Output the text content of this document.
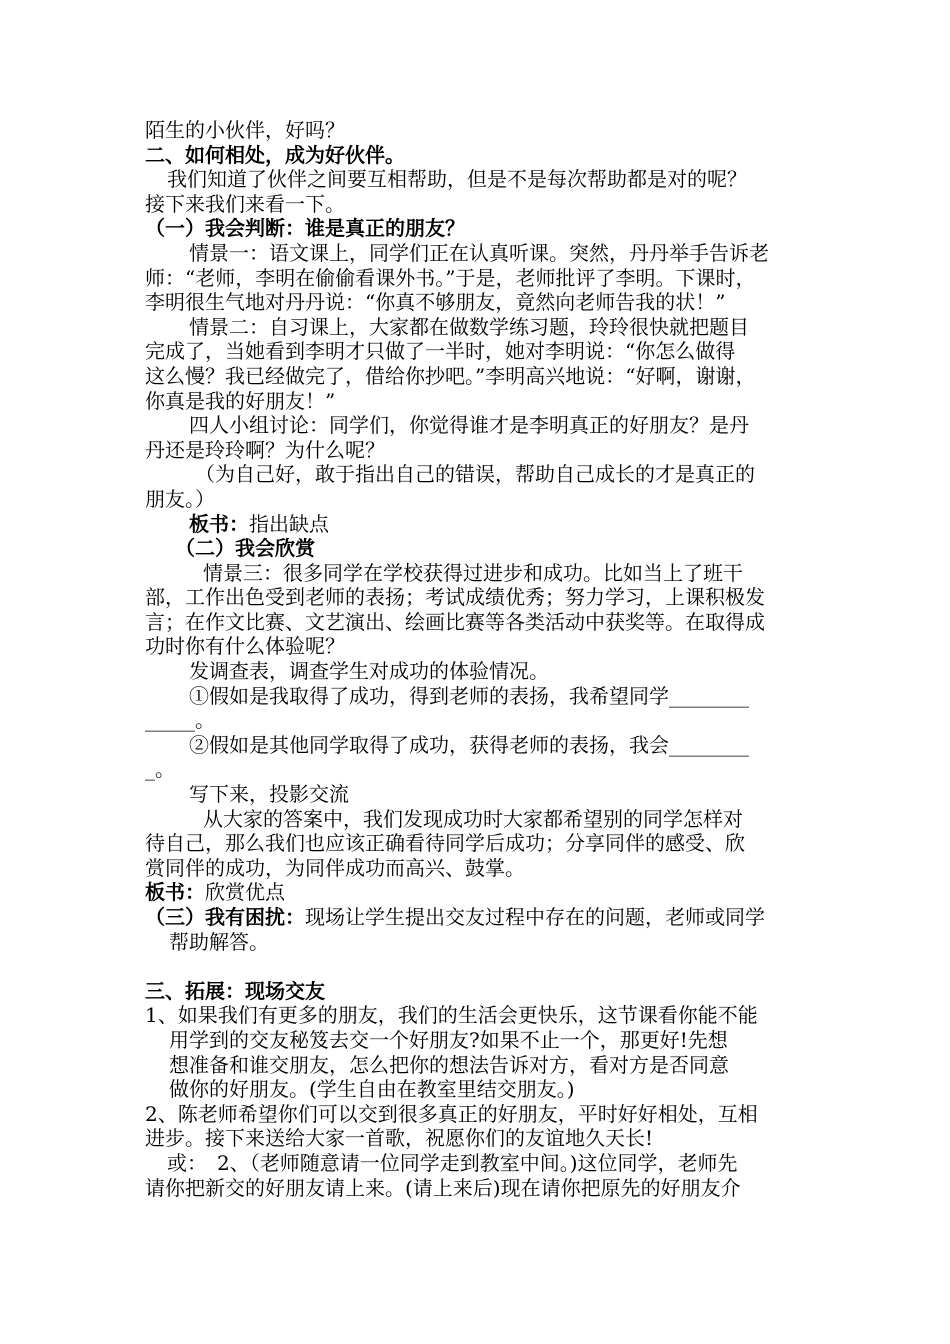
陌生的小伙伴，好吗？
二、如何相处，成为好伙伴。
我们知道了伙伴之间要互相帮助，但是不是每次帮助都是对的呢？
接下来我们来看一下。
（一）我会判断：谁是真正的朋友？
情景一：语文课上，同学们正在认真听课。突然，丹丹举手告诉老
师：“老师，李明在偷偷看课外书。”于是，老师批评了李明。下课时，
李明很生气地对丹丹说：“你真不够朋友，竟然向老师告我的状！”
情景二：自习课上，大家都在做数学练习题，玲玲很快就把题目
完成了，当她看到李明才只做了一半时，她对李明说：“你怎么做得
这么慢？我已经做完了，借给你抄吧。”李明高兴地说：“好啊，谢谢，
你真是我的好朋友！”
四人小组讨论：同学们，你觉得谁才是李明真正的好朋友？是丹
丹还是玲玲啊？为什么呢？
（为自己好，敢于指出自己的错误，帮助自己成长的才是真正的
朋友。）
板书：指出缺点
（二）我会欣赏
情景三：很多同学在学校获得过进步和成功。比如当上了班干
部，工作出色受到老师的表扬；考试成绩优秀；努力学习，上课积极发
言；在作文比赛、文艺演出、绘画比赛等各类活动中获奖等。在取得成
功时你有什么体验呢？
发调查表，调查学生对成功的体验情况。
①假如是我取得了成功，得到老师的表扬，我希望同学________
_____。
②假如是其他同学取得了成功，获得老师的表扬，我会________
_。
写下来，投影交流
从大家的答案中，我们发现成功时大家都希望别的同学怎样对
待自己，那么我们也应该正确看待同学后成功；分享同伴的感受、欣
赏同伴的成功，为同伴成功而高兴、鼓掌。
板书：欣赏优点
（三）我有困扰：现场让学生提出交友过程中存在的问题，老师或同学
帮助解答。
三、拓展：现场交友
1、如果我们有更多的朋友，我们的生活会更快乐，这节课看你能不能
用学到的交友秘笈去交一个好朋友?如果不止一个，那更好!先想
想准备和谁交朋友，怎么把你的想法告诉对方，看对方是否同意
做你的好朋友。(学生自由在教室里结交朋友。)
2、陈老师希望你们可以交到很多真正的好朋友，平时好好相处，互相
进步。接下来送给大家一首歌，祝愿你们的友谊地久天长!
或：　2、（老师随意请一位同学走到教室中间。)这位同学，老师先
请你把新交的好朋友请上来。(请上来后)现在请你把原先的好朋友介
